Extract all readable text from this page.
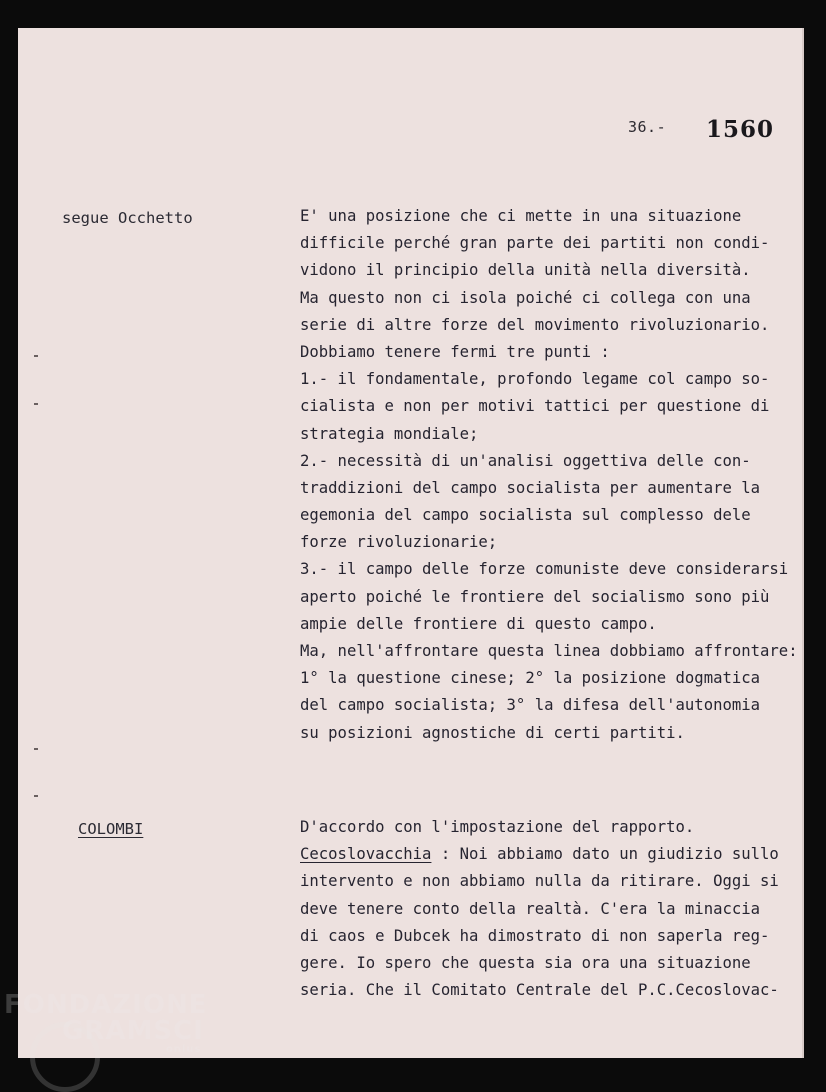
36.- 1560
segue Occhetto	E' una posizione che ci mette in una situazione
difficile perché gran parte dei partiti non condi-
vidono il principio della unità nella diversità.
Ma questo non ci isola poiché ci collega con una
serie di altre forze del movimento rivoluzionario.
Dobbiamo tenere fermi tre punti :
1.- il fondamentale, profondo legame col campo so-
cialista e non per motivi tattici per questione di
strategia mondiale;
2.- necessità di un'analisi oggettiva delle con-
traddizioni del campo socialista per aumentare la
egemonia del campo socialista sul complesso dele
forze rivoluzionarie;
3.- il campo delle forze comuniste deve considerarsi
aperto poiché le frontiere del socialismo sono più
ampie delle frontiere di questo campo.
Ma, nell'affrontare questa linea dobbiamo affrontare:
1° la questione cinese; 2° la posizione dogmatica
del campo socialista; 3° la difesa dell'autonomia
su posizioni agnostiche di certi partiti.
COLOMBI	D'accordo con l'impostazione del rapporto.
Cecoslovacchia : Noi abbiamo dato un giudizio sullo
intervento e non abbiamo nulla da ritirare. Oggi si
deve tenere conto della realtà. C'era la minaccia
di caos e Dubcek ha dimostrato di non saperla reg-
gere. Io spero che questa sia ora una situazione
seria. Che il Comitato Centrale del P.C.Cecoslovac-
FONDAZIONE
GRAMSCI
onlus
